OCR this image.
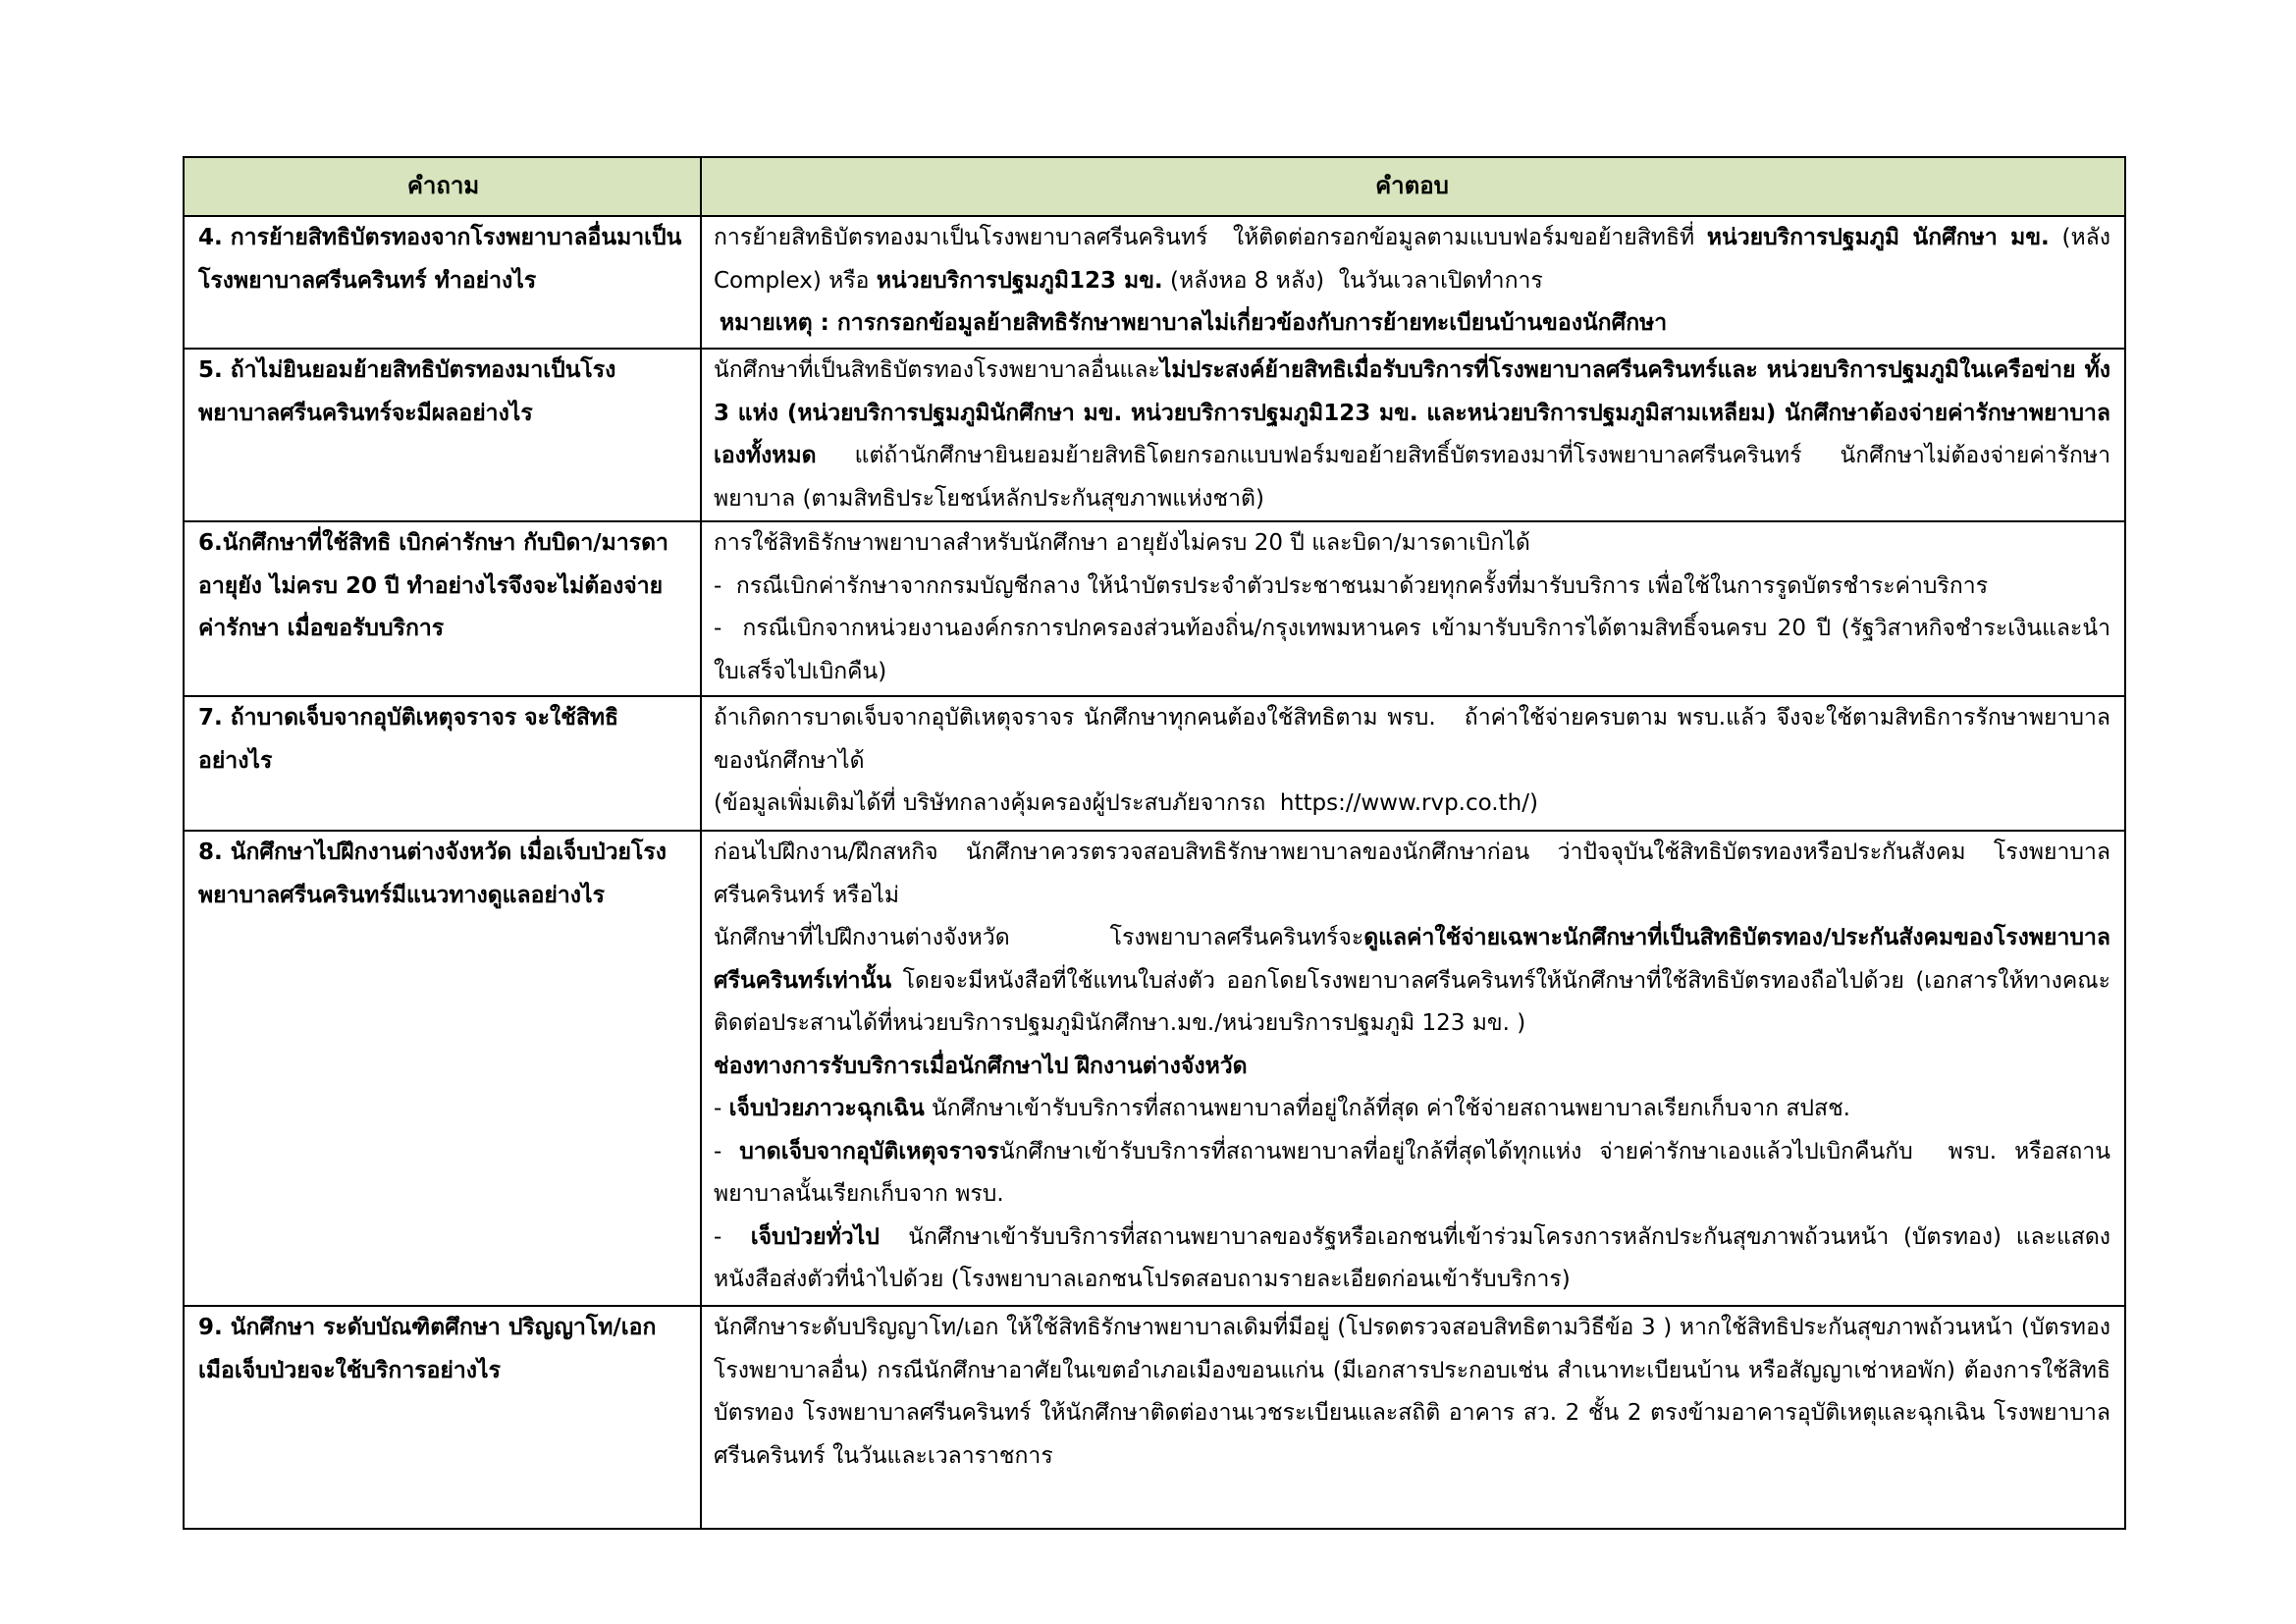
คำถาม	คำตอบ
4. การย้ายสิทธิบัตรทองจากโรงพยาบาลอื่นมาเป็นโรงพยาบาลศรีนครินทร์ ทำอย่างไร

การย้ายสิทธิบัตรทองมาเป็นโรงพยาบาลศรีนครินทร์  ให้ติดต่อกรอกข้อมูลตามแบบฟอร์มขอย้ายสิทธิที่ หน่วยบริการปฐมภูมิ นักศึกษา มข. (หลัง Complex) หรือ หน่วยบริการปฐมภูมิ123 มข. (หลังหอ 8 หลัง)  ในวันเวลาเปิดทำการ

หมายเหตุ : การกรอกข้อมูลย้ายสิทธิรักษาพยาบาลไม่เกี่ยวข้องกับการย้ายทะเบียนบ้านของนักศึกษา

5. ถ้าไม่ยินยอมย้ายสิทธิบัตรทองมาเป็นโรงพยาบาลศรีนครินทร์จะมีผลอย่างไร

นักศึกษาที่เป็นสิทธิบัตรทองโรงพยาบาลอื่นและไม่ประสงค์ย้ายสิทธิเมื่อรับบริการที่โรงพยาบาลศรีนครินทร์และ หน่วยบริการปฐมภูมิในเครือข่าย ทั้ง 3 แห่ง (หน่วยบริการปฐมภูมินักศึกษา มข. หน่วยบริการปฐมภูมิ123 มข. และหน่วยบริการปฐมภูมิสามเหลียม) นักศึกษาต้องจ่ายค่ารักษาพยาบาลเองทั้งหมด แต่ถ้านักศึกษายินยอมย้ายสิทธิโดยกรอกแบบฟอร์มขอย้ายสิทธิ์บัตรทองมาที่โรงพยาบาลศรีนครินทร์ นักศึกษาไม่ต้องจ่ายค่ารักษาพยาบาล (ตามสิทธิประโยชน์หลักประกันสุขภาพแห่งชาติ)

6.นักศึกษาที่ใช้สิทธิ เบิกค่ารักษา กับบิดา/มารดา อายุยัง ไม่ครบ 20 ปี ทำอย่างไรจึงจะไม่ต้องจ่ายค่ารักษา เมื่อขอรับบริการ

การใช้สิทธิรักษาพยาบาลสำหรับนักศึกษา อายุยังไม่ครบ 20 ปี และบิดา/มารดาเบิกได้

-  กรณีเบิกค่ารักษาจากกรมบัญชีกลาง ให้นำบัตรประจำตัวประชาชนมาด้วยทุกครั้งที่มารับบริการ เพื่อใช้ในการรูดบัตรชำระค่าบริการ

-  กรณีเบิกจากหน่วยงานองค์กรการปกครองส่วนท้องถิ่น/กรุงเทพมหานคร เข้ามารับบริการได้ตามสิทธิ์จนครบ 20 ปี (รัฐวิสาหกิจชำระเงินและนำใบเสร็จไปเบิกคืน)

7. ถ้าบาดเจ็บจากอุบัติเหตุจราจร จะใช้สิทธิอย่างไร

ถ้าเกิดการบาดเจ็บจากอุบัติเหตุจราจร นักศึกษาทุกคนต้องใช้สิทธิตาม พรบ.   ถ้าค่าใช้จ่ายครบตาม พรบ.แล้ว จึงจะใช้ตามสิทธิการรักษาพยาบาลของนักศึกษาได้

(ข้อมูลเพิ่มเติมได้ที่ บริษัทกลางคุ้มครองผู้ประสบภัยจากรถ  https://www.rvp.co.th/)

8. นักศึกษาไปฝึกงานต่างจังหวัด เมื่อเจ็บป่วยโรงพยาบาลศรีนครินทร์มีแนวทางดูแลอย่างไร

ก่อนไปฝึกงาน/ฝึกสหกิจ นักศึกษาควรตรวจสอบสิทธิรักษาพยาบาลของนักศึกษาก่อน ว่าปัจจุบันใช้สิทธิบัตรทองหรือประกันสังคม โรงพยาบาลศรีนครินทร์ หรือไม่

นักศึกษาที่ไปฝึกงานต่างจังหวัด โรงพยาบาลศรีนครินทร์จะดูแลค่าใช้จ่ายเฉพาะนักศึกษาที่เป็นสิทธิบัตรทอง/ประกันสังคมของโรงพยาบาลศรีนครินทร์เท่านั้น โดยจะมีหนังสือที่ใช้แทนใบส่งตัว ออกโดยโรงพยาบาลศรีนครินทร์ให้นักศึกษาที่ใช้สิทธิบัตรทองถือไปด้วย (เอกสารให้ทางคณะติดต่อประสานได้ที่หน่วยบริการปฐมภูมินักศึกษา.มข./หน่วยบริการปฐมภูมิ 123 มข. )

ช่องทางการรับบริการเมื่อนักศึกษาไป ฝึกงานต่างจังหวัด

- เจ็บป่วยภาวะฉุกเฉิน นักศึกษาเข้ารับบริการที่สถานพยาบาลที่อยู่ใกล้ที่สุด ค่าใช้จ่ายสถานพยาบาลเรียกเก็บจาก สปสช.

- บาดเจ็บจากอุบัติเหตุจราจรนักศึกษาเข้ารับบริการที่สถานพยาบาลที่อยู่ใกล้ที่สุดได้ทุกแห่ง จ่ายค่ารักษาเองแล้วไปเบิกคืนกับ  พรบ. หรือสถานพยาบาลนั้นเรียกเก็บจาก พรบ.

-  เจ็บป่วยทั่วไป  นักศึกษาเข้ารับบริการที่สถานพยาบาลของรัฐหรือเอกชนที่เข้าร่วมโครงการหลักประกันสุขภาพถ้วนหน้า (บัตรทอง) และแสดงหนังสือส่งตัวที่นำไปด้วย (โรงพยาบาลเอกชนโปรดสอบถามรายละเอียดก่อนเข้ารับบริการ)

9. นักศึกษา ระดับบัณฑิตศึกษา ปริญญาโท/เอก เมือเจ็บป่วยจะใช้บริการอย่างไร

นักศึกษาระดับปริญญาโท/เอก ให้ใช้สิทธิรักษาพยาบาลเดิมที่มีอยู่ (โปรดตรวจสอบสิทธิตามวิธีข้อ 3 ) หากใช้สิทธิประกันสุขภาพถ้วนหน้า (บัตรทองโรงพยาบาลอื่น) กรณีนักศึกษาอาศัยในเขตอำเภอเมืองขอนแก่น (มีเอกสารประกอบเช่น สำเนาทะเบียนบ้าน หรือสัญญาเช่าหอพัก) ต้องการใช้สิทธิบัตรทอง โรงพยาบาลศรีนครินทร์ ให้นักศึกษาติดต่องานเวชระเบียนและสถิติ อาคาร สว. 2 ชั้น 2 ตรงข้ามอาคารอุบัติเหตุและฉุกเฉิน โรงพยาบาลศรีนครินทร์ ในวันและเวลาราชการ
